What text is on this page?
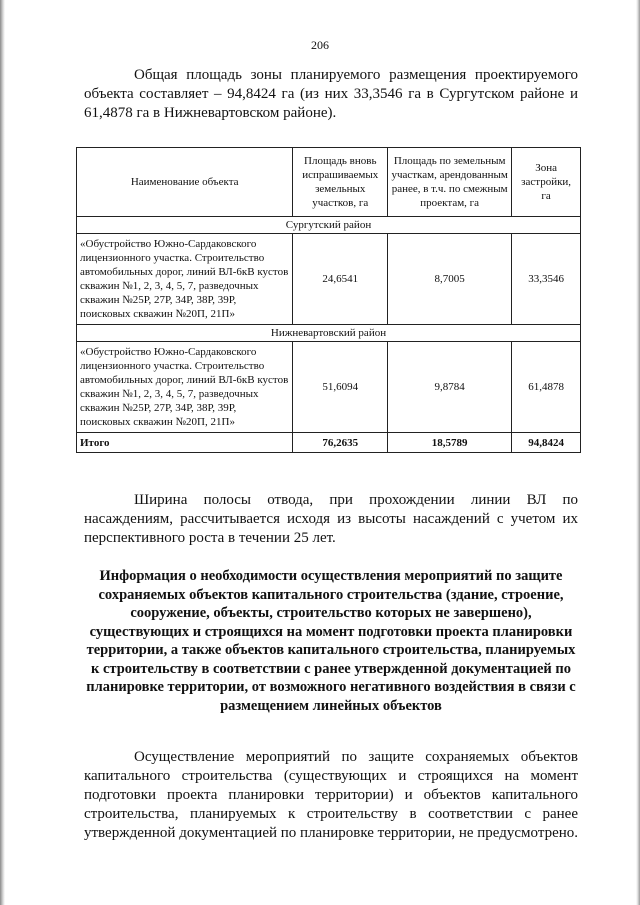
206

Общая площадь зоны планируемого размещения проектируемого объекта составляет – 94,8424 га (из них 33,3546 га в Сургутском районе и 61,4878 га в Нижневартовском районе).

Наименование объекта	Площадь вновь испрашиваемых земельных участков, га	Площадь по земельным участкам, арендованным ранее, в т.ч. по смежным проектам, га	Зона застройки, га
Сургутский район			
«Обустройство Южно-Сардаковского лицензионного участка. Строительство автомобильных дорог, линий ВЛ-6кВ кустов скважин №1, 2, 3, 4, 5, 7, разведочных скважин №25Р, 27Р, 34Р, 38Р, 39Р, поисковых скважин №20П, 21П»	24,6541	8,7005	33,3546
Нижневартовский район			
«Обустройство Южно-Сардаковского лицензионного участка. Строительство автомобильных дорог, линий ВЛ-6кВ кустов скважин №1, 2, 3, 4, 5, 7, разведочных скважин №25Р, 27Р, 34Р, 38Р, 39Р, поисковых скважин №20П, 21П»	51,6094	9,8784	61,4878
Итого	76,2635	18,5789	94,8424

Ширина полосы отвода, при прохождении линии ВЛ по насаждениям, рассчитывается исходя из высоты насаждений с учетом их перспективного роста в течении 25 лет.

Информация о необходимости осуществления мероприятий по защите сохраняемых объектов капитального строительства (здание, строение, сооружение, объекты, строительство которых не завершено), существующих и строящихся на момент подготовки проекта планировки территории, а также объектов капитального строительства, планируемых к строительству в соответствии с ранее утвержденной документацией по планировке территории, от возможного негативного воздействия в связи с размещением линейных объектов

Осуществление мероприятий по защите сохраняемых объектов капитального строительства (существующих и строящихся на момент подготовки проекта планировки территории) и объектов капитального строительства, планируемых к строительству в соответствии с ранее утвержденной документацией по планировке территории, не предусмотрено.
